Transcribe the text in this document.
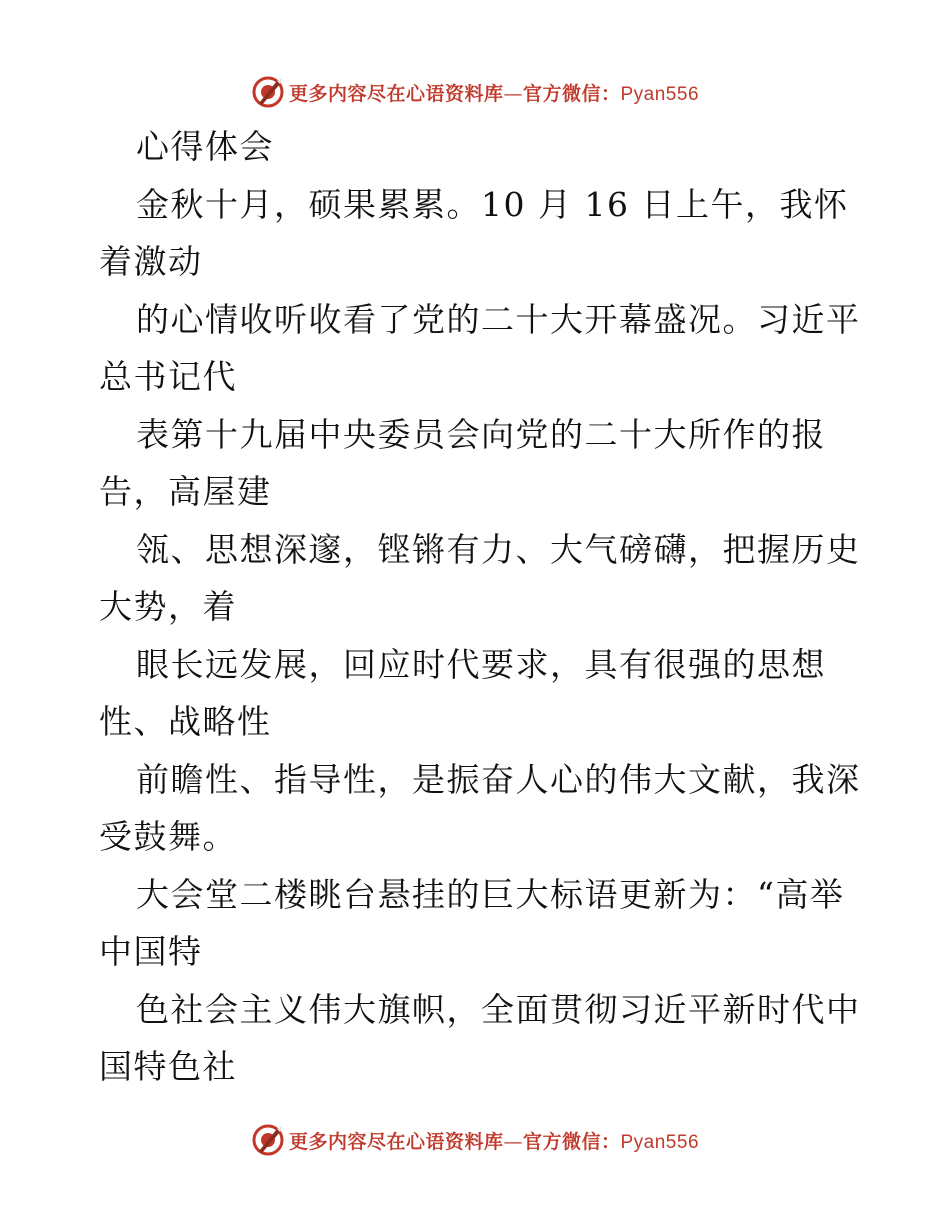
更多内容尽在心语资料库—官方微信：Pyan556
心得体会
金秋十月，硕果累累。10 月 16 日上午，我怀
着激动
的心情收听收看了党的二十大开幕盛况。习近平
总书记代
表第十九届中央委员会向党的二十大所作的报
告，高屋建
瓴、思想深邃，铿锵有力、大气磅礴，把握历史
大势，着
眼长远发展，回应时代要求，具有很强的思想
性、战略性
前瞻性、指导性，是振奋人心的伟大文献，我深
受鼓舞。
大会堂二楼眺台悬挂的巨大标语更新为：“高举
中国特
色社会主义伟大旗帜，全面贯彻习近平新时代中
国特色社
更多内容尽在心语资料库—官方微信：Pyan556
